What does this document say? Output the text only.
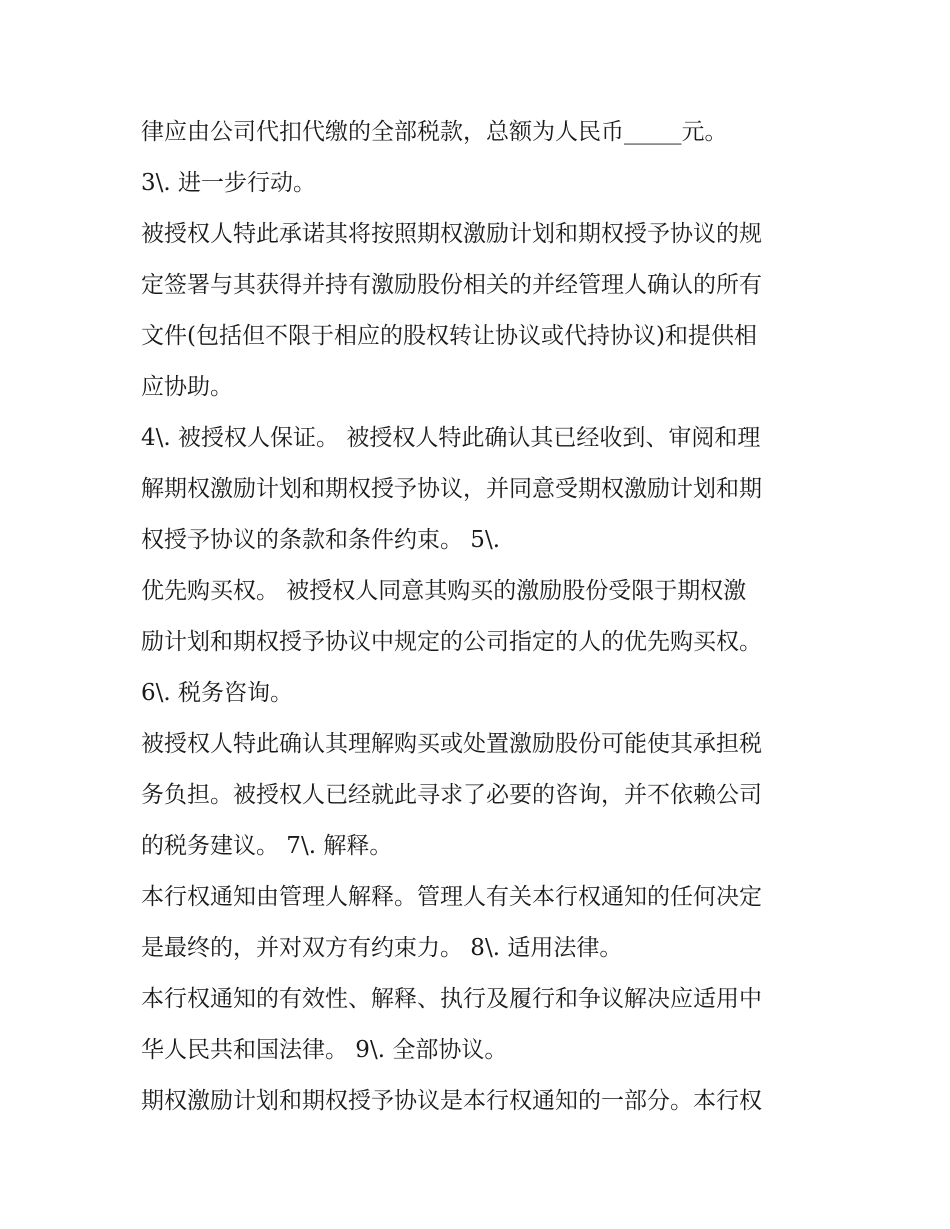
律应由公司代扣代缴的全部税款，总额为人民币_____元。
3\. 进一步行动。
被授权人特此承诺其将按照期权激励计划和期权授予协议的规
定签署与其获得并持有激励股份相关的并经管理人确认的所有
文件(包括但不限于相应的股权转让协议或代持协议)和提供相
应协助。
4\. 被授权人保证。 被授权人特此确认其已经收到、审阅和理
解期权激励计划和期权授予协议，并同意受期权激励计划和期
权授予协议的条款和条件约束。 5\.
优先购买权。 被授权人同意其购买的激励股份受限于期权激
励计划和期权授予协议中规定的公司指定的人的优先购买权。
6\. 税务咨询。
被授权人特此确认其理解购买或处置激励股份可能使其承担税
务负担。被授权人已经就此寻求了必要的咨询，并不依赖公司
的税务建议。 7\. 解释。
本行权通知由管理人解释。管理人有关本行权通知的任何决定
是最终的，并对双方有约束力。 8\. 适用法律。
本行权通知的有效性、解释、执行及履行和争议解决应适用中
华人民共和国法律。 9\. 全部协议。
期权激励计划和期权授予协议是本行权通知的一部分。本行权
